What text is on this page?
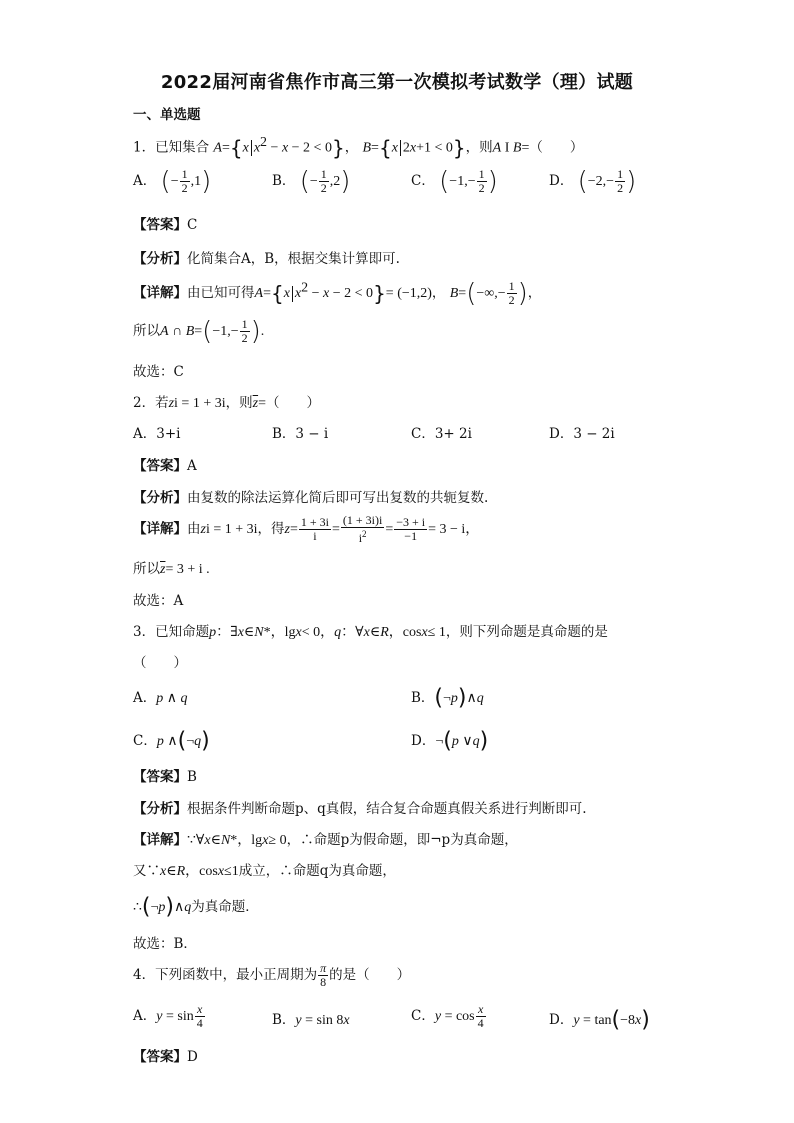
2022届河南省焦作市高三第一次模拟考试数学（理）试题
一、单选题
1．已知集合 A={x $x^2 - x - 2 < 0$}， B={x 2x+1 < 0}，则A I B=（　　）
A． (− $\frac{1}{2} ,1$)	B． (− $\frac{1}{2} ,2$)	C． ($-1,- \frac{1}{2}$ )	D． ($-2,- \frac{1}{2}$ )
【答案】C
【分析】化简集合A，B，根据交集计算即可.
【详解】由已知可得A={x $x^2 - x - 2 < 0\}= (-1,2)$， $B=(-\infty,- \frac{1}{2}$ )，
所以A ∩ $B=(-1,- \frac{1}{2}$ ).
故选：C
2．若zi = 1 + 3i，则$\overline{z}=$（　　）
A．3+i	B．3 − i	C．3+ 2i	D．3 − 2i
【答案】A
【分析】由复数的除法运算化简后即可写出复数的共轭复数.
【详解】由zi = 1 + 3i，得$z= \frac{1 + 3i}{i} = \frac{(1 + 3i)i}{i^2} = \frac{-3 + i}{-1} = 3 - i$，
所以$\overline{z}= 3 + i$ .
故选：A
3．已知命题p：∃x∈N*，lgx< 0，q：∀x∈R，cosx≤ 1，则下列命题是真命题的是
（　　）
A．p ∧ q	B．(¬p)∧q
C．p ∧(¬q)	D．¬(p ∨q)
【答案】B
【分析】根据条件判断命题p、q真假，结合复合命题真假关系进行判断即可.
【详解】∵∀x∈N*，lgx≥ 0，∴命题p为假命题，即¬p为真命题，
又∵x∈R，cosx≤1成立，∴命题q为真命题，
∴(¬p)∧q为真命题．
故选：B．
4．下列函数中，最小正周期为 $\frac{\pi}{8}$ 的是（　　）
A．$y = \sin \frac{x}{4}$	B．y = sin 8x	C．$y = \cos \frac{x}{4}$	D．y = tan(−8x)
【答案】D
